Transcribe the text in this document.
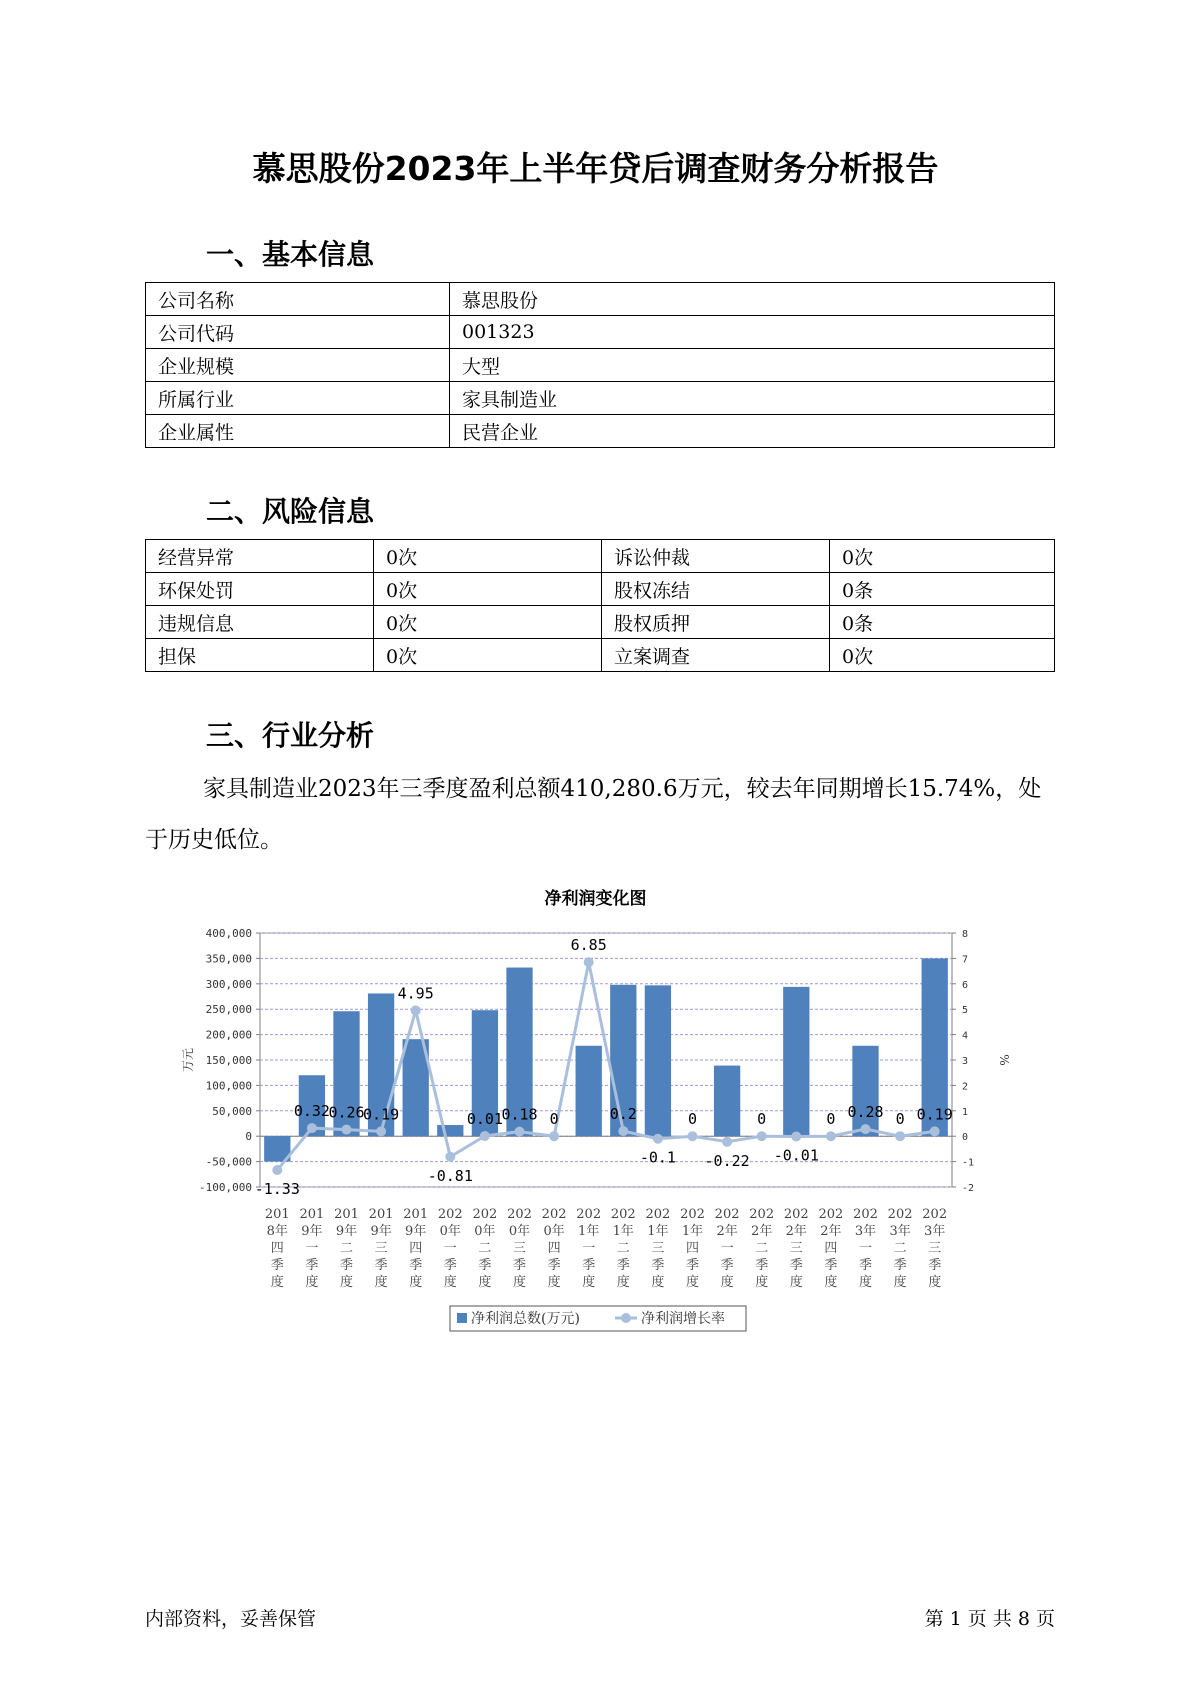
慕思股份2023年上半年贷后调查财务分析报告
一、基本信息
公司名称	慕思股份
公司代码	001323
企业规模	大型
所属行业	家具制造业
企业属性	民营企业
二、风险信息
经营异常	0次	诉讼仲裁	0次
环保处罚	0次	股权冻结	0条
违规信息	0次	股权质押	0条
担保	0次	立案调查	0次
三、行业分析
家具制造业2023年三季度盈利总额410,280.6万元，较去年同期增长15.74%，处于历史低位。
净利润变化图
400,000
350,000
300,000
250,000
200,000
150,000
100,000
50,000
0
-50,000
-100,000
8
7
6
5
4
3
2
1
0
-1
-2
万元	%
-1.33
0.32
0.26
0.19
4.95
-0.81
0.01
0.18 0
6.85
0.2
-0.1
0
-0.22
0
-0.01
0 0.28 0 0.19
201
8年
四
季
度
201
9年
一
季
度
201
9年
二
季
度
201
9年
三
季
度
201
9年
四
季
度
202
0年
一
季
度
202
0年
二
季
度
202
0年
三
季
度
202
0年
四
季
度
202
1年
一
季
度
202
1年
二
季
度
202
1年
三
季
度
202
1年
四
季
度
202
2年
一
季
度
202
2年
二
季
度
202
2年
三
季
度
202
2年
四
季
度
202
3年
一
季
度
202
3年
二
季
度
202
3年
三
季
度
净利润总数(万元)	净利润增长率
内部资料，妥善保管	第 1 页 共 8 页
